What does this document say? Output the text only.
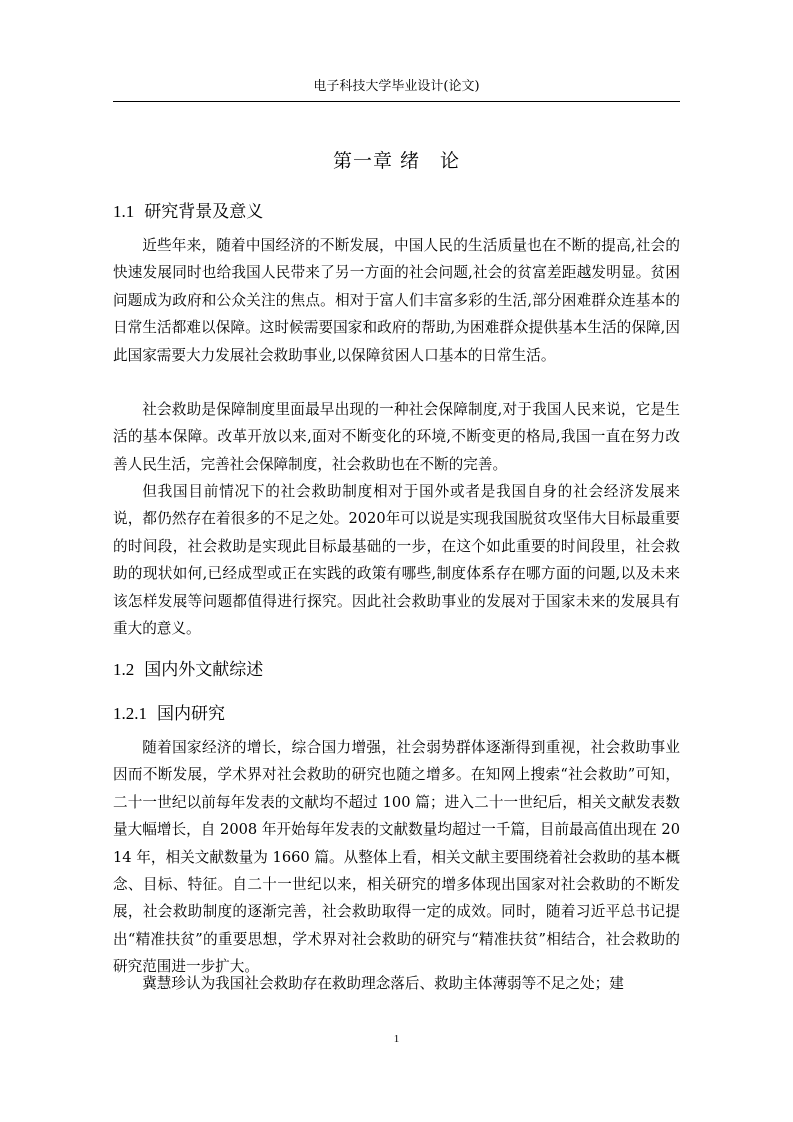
电子科技大学毕业设计(论文)
第一章 绪　论
1.1 研究背景及意义

近些年来，随着中国经济的不断发展，中国人民的生活质量也在不断的提高,社会的快速发展同时也给我国人民带来了另一方面的社会问题,社会的贫富差距越发明显。贫困问题成为政府和公众关注的焦点。相对于富人们丰富多彩的生活,部分困难群众连基本的日常生活都难以保障。这时候需要国家和政府的帮助,为困难群众提供基本生活的保障,因此国家需要大力发展社会救助事业,以保障贫困人口基本的日常生活。

社会救助是保障制度里面最早出现的一种社会保障制度,对于我国人民来说，它是生活的基本保障。改革开放以来,面对不断变化的环境,不断变更的格局,我国一直在努力改善人民生活，完善社会保障制度，社会救助也在不断的完善。

但我国目前情况下的社会救助制度相对于国外或者是我国自身的社会经济发展来说，都仍然存在着很多的不足之处。2020年可以说是实现我国脱贫攻坚伟大目标最重要的时间段，社会救助是实现此目标最基础的一步，在这个如此重要的时间段里，社会救助的现状如何,已经成型或正在实践的政策有哪些,制度体系存在哪方面的问题,以及未来该怎样发展等问题都值得进行探究。因此社会救助事业的发展对于国家未来的发展具有重大的意义。

1.2 国内外文献综述
1.2.1 国内研究

随着国家经济的增长，综合国力增强，社会弱势群体逐渐得到重视，社会救助事业因而不断发展，学术界对社会救助的研究也随之增多。在知网上搜索“社会救助”可知，二十一世纪以前每年发表的文献均不超过 100 篇；进入二十一世纪后，相关文献发表数量大幅增长，自 2008 年开始每年发表的文献数量均超过一千篇，目前最高值出现在 2014 年，相关文献数量为 1660 篇。从整体上看，相关文献主要围绕着社会救助的基本概念、目标、特征。自二十一世纪以来，相关研究的增多体现出国家对社会救助的不断发展，社会救助制度的逐渐完善，社会救助取得一定的成效。同时，随着习近平总书记提出“精准扶贫”的重要思想，学术界对社会救助的研究与“精准扶贫”相结合，社会救助的研究范围进一步扩大。

冀慧珍认为我国社会救助存在救助理念落后、救助主体薄弱等不足之处；建

1
